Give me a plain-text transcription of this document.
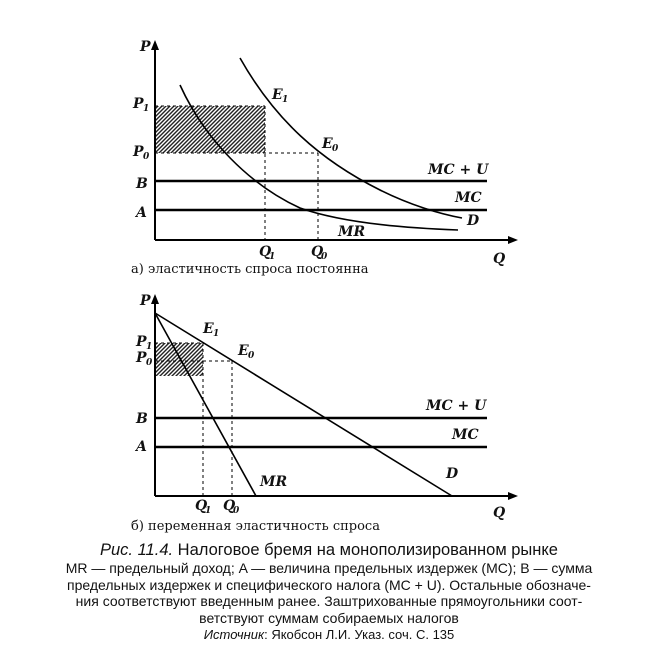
P
Q
P 1
P 0
B
A
E 1
E 0
MC + U
MC
D
MR
Q
1	Q
0
а) эластичность спроса постоянна
P
Q
P 1
P 0
B
A
E 1
E 0
MC + U
MC
D
MR
Q
1 Q
0
б) переменная эластичность спроса
Рис. 11.4. Налоговое бремя на монополизированном рынке
MR — предельный доход; A — величина предельных издержек (MC); B — сумма
предельных издержек и специфического налога (MC + U). Остальные обозначе-
ния соответствуют введенным ранее. Заштрихованные прямоугольники соот-
ветствуют суммам собираемых налогов
Источник: Якобсон Л.И. Указ. соч. С. 135
